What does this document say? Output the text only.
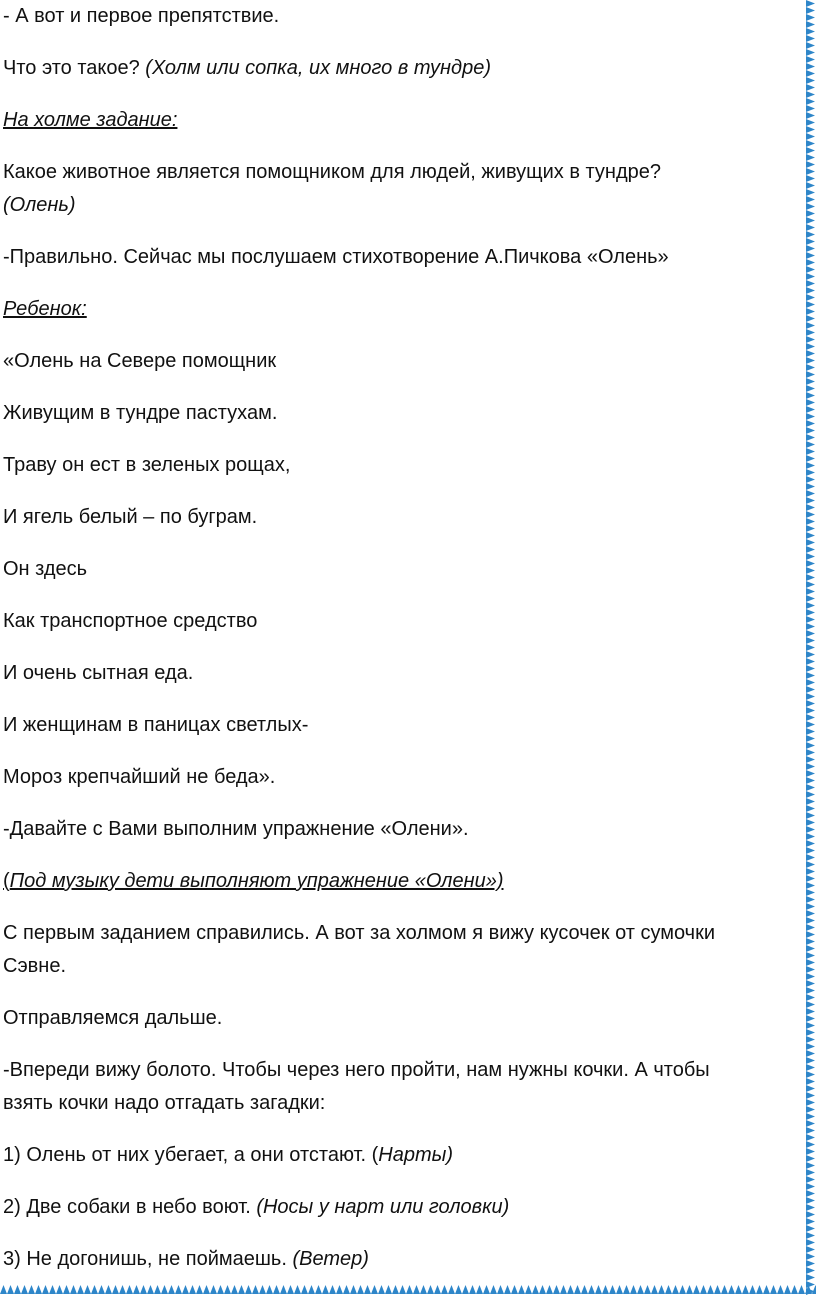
- А вот и первое препятствие.
Что это такое? (Холм или сопка, их много в тундре)
На холме задание:
Какое животное является помощником для людей, живущих в тундре?
(Олень)
-Правильно. Сейчас мы послушаем стихотворение А.Пичкова «Олень»
Ребенок:
«Олень на Севере помощник
Живущим в тундре пастухам.
Траву он ест в зеленых рощах,
И ягель белый – по буграм.
Он здесь
Как транспортное средство
И очень сытная еда.
И женщинам в паницах светлых-
Мороз крепчайший не беда».
-Давайте с Вами выполним упражнение «Олени».
(Под музыку дети выполняют упражнение «Олени»)
С первым заданием справились. А вот за холмом я вижу кусочек от сумочки
Сэвне.
Отправляемся дальше.
-Впереди вижу болото. Чтобы через него пройти, нам нужны кочки. А чтобы
взять кочки надо отгадать загадки:
1) Олень от них убегает, а они отстают. (Нарты)
2) Две собаки в небо воют. (Носы у нарт или головки)
3) Не догонишь, не поймаешь. (Ветер)
